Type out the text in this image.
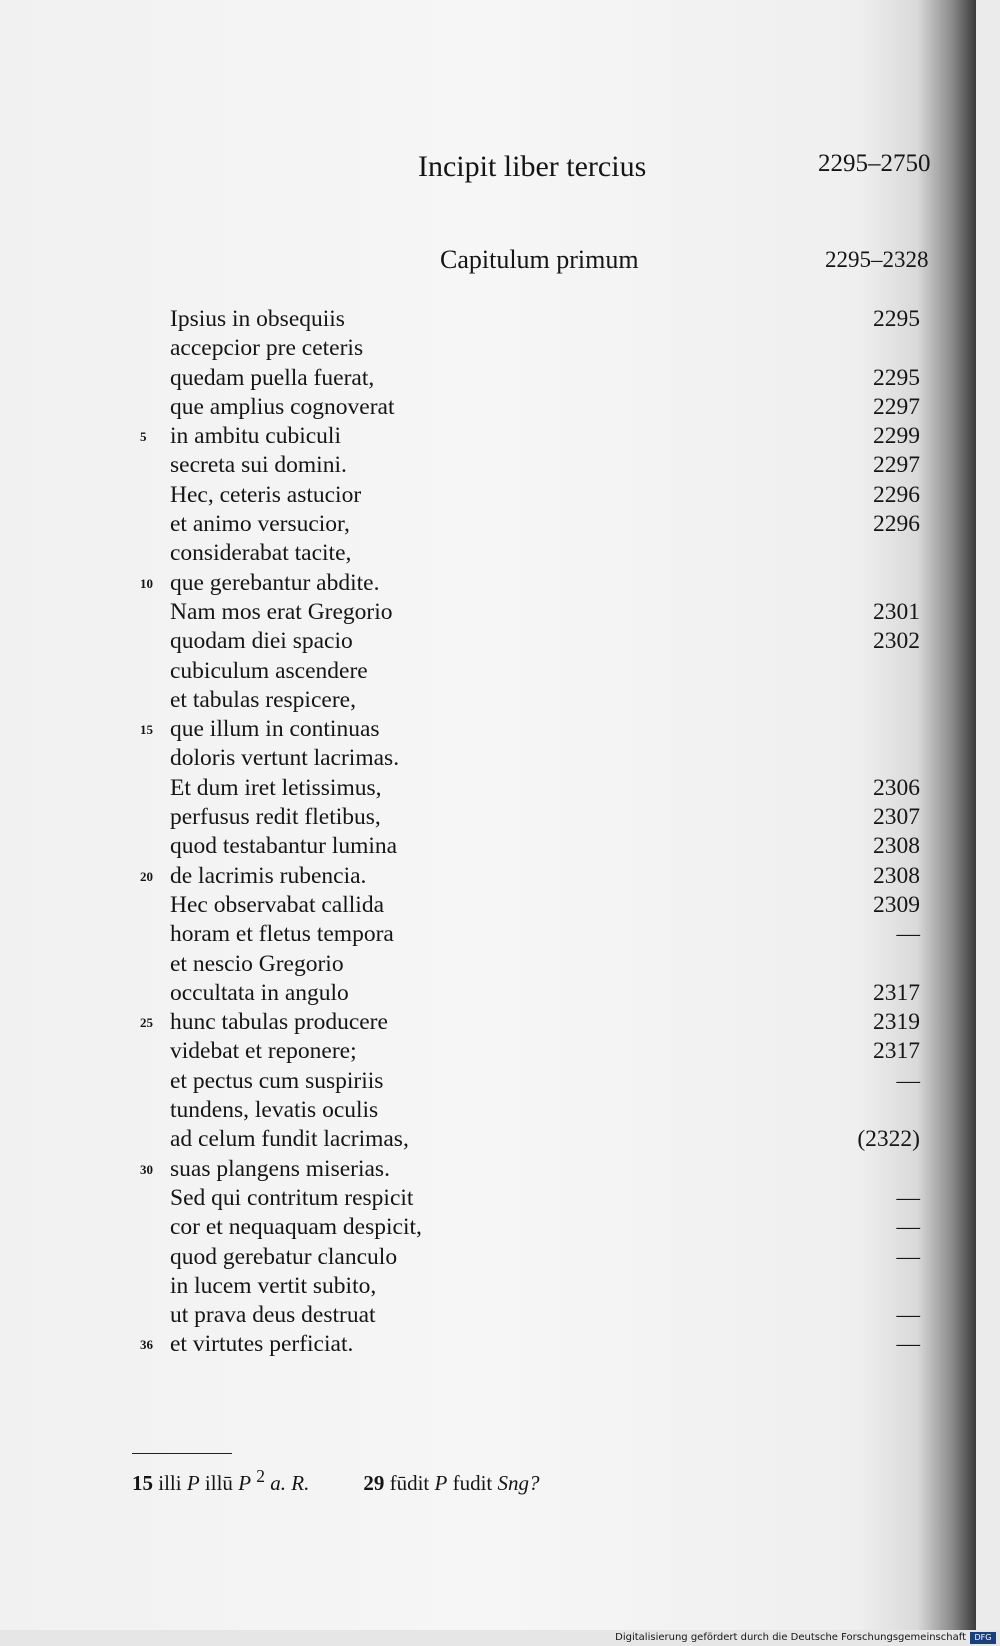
Incipit liber tercius	2295–2750
Capitulum primum	2295–2328
Ipsius in obsequiis	2295
accepcior pre ceteris
quedam puella fuerat,	2295
que amplius cognoverat	2297
5	in ambitu cubiculi	2299
secreta sui domini.	2297
Hec, ceteris astucior	2296
et animo versucior,	2296
considerabat tacite,
10 que gerebantur abdite.
Nam mos erat Gregorio	2301
quodam diei spacio	2302
cubiculum ascendere
et tabulas respicere,
15 que illum in continuas
doloris vertunt lacrimas.
Et dum iret letissimus,	2306
perfusus redit fletibus,	2307
quod testabantur lumina	2308
20 de lacrimis rubencia.	2308
Hec observabat callida	2309
horam et fletus tempora	—
et nescio Gregorio
occultata in angulo	2317
25 hunc tabulas producere	2319
videbat et reponere;	2317
et pectus cum suspiriis	—
tundens, levatis oculis
ad celum fundit lacrimas,	(2322)
30 suas plangens miserias.
Sed qui contritum respicit	—
cor et nequaquam despicit,	—
quod gerebatur clanculo	—
in lucem vertit subito,
ut prava deus destruat	—
36 et virtutes perficiat.	—
15 illi P illū P $^2$ a. R.	29 fūdit P fudit Sng?
Digitalisierung gefördert durch die Deutsche Forschungsgemeinschaft	DFG
